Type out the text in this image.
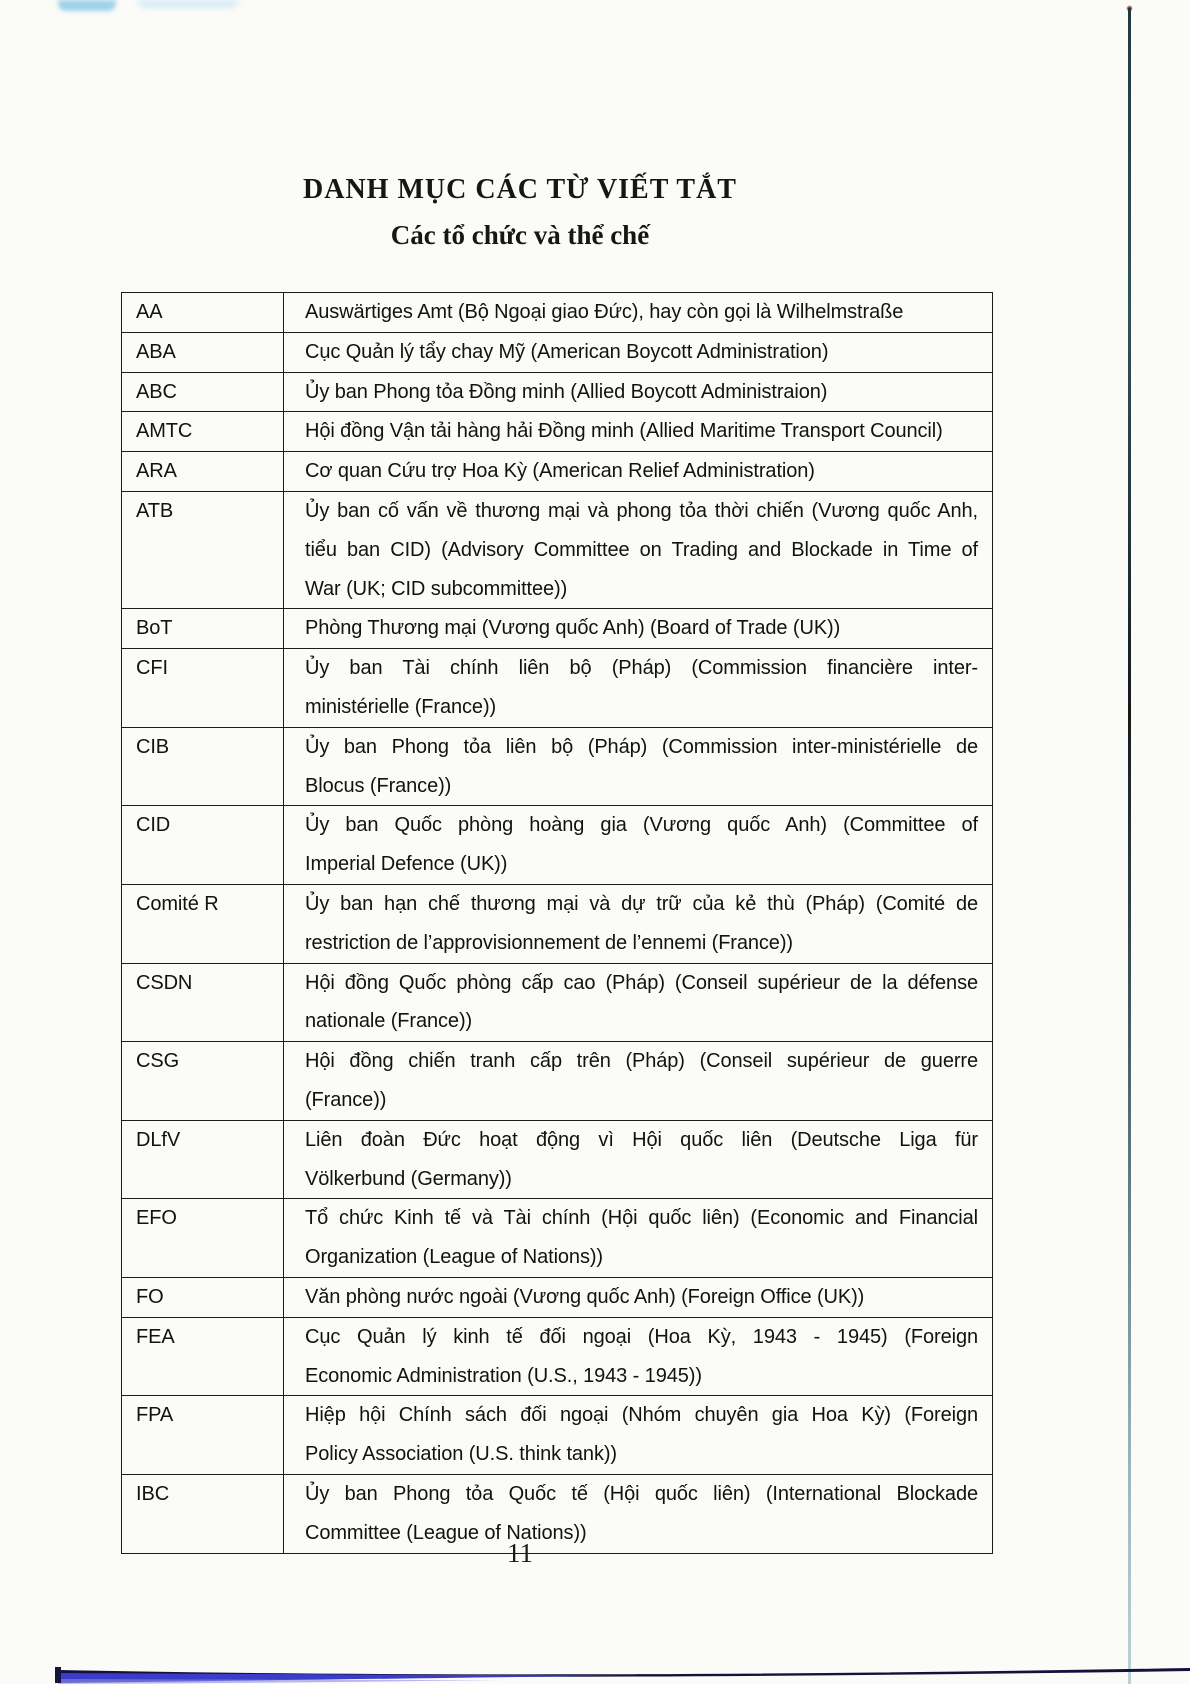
DANH MỤC CÁC TỪ VIẾT TẮT
Các tổ chức và thể chế
AA	Auswärtiges Amt (Bộ Ngoại giao Đức), hay còn gọi là Wilhelmstraße

ABA	Cục Quản lý tẩy chay Mỹ (American Boycott Administration)

ABC	Ủy ban Phong tỏa Đồng minh (Allied Boycott Administraion)

AMTC	Hội đồng Vận tải hàng hải Đồng minh (Allied Maritime Transport Council)

ARA	Cơ quan Cứu trợ Hoa Kỳ (American Relief Administration)

ATB	Ủy ban cố vấn về thương mại và phong tỏa thời chiến (Vương quốc Anh,
tiểu ban CID) (Advisory Committee on Trading and Blockade in Time of
War (UK; CID subcommittee))

BoT	Phòng Thương mại (Vương quốc Anh) (Board of Trade (UK))

CFI	Ủy ban Tài chính liên bộ (Pháp) (Commission financière inter-
ministérielle (France))

CIB	Ủy ban Phong tỏa liên bộ (Pháp) (Commission inter-ministérielle de
Blocus (France))

CID	Ủy ban Quốc phòng hoàng gia (Vương quốc Anh) (Committee of
Imperial Defence (UK))

Comité R	Ủy ban hạn chế thương mại và dự trữ của kẻ thù (Pháp) (Comité de
restriction de l’approvisionnement de l’ennemi (France))

CSDN	Hội đồng Quốc phòng cấp cao (Pháp) (Conseil supérieur de la défense
nationale (France))

CSG	Hội đồng chiến tranh cấp trên (Pháp) (Conseil supérieur de guerre
(France))

DLfV	Liên đoàn Đức hoạt động vì Hội quốc liên (Deutsche Liga für
Völkerbund (Germany))

EFO	Tổ chức Kinh tế và Tài chính (Hội quốc liên) (Economic and Financial
Organization (League of Nations))

FO	Văn phòng nước ngoài (Vương quốc Anh) (Foreign Office (UK))

FEA	Cục Quản lý kinh tế đối ngoại (Hoa Kỳ, 1943 - 1945) (Foreign
Economic Administration (U.S., 1943 - 1945))

FPA	Hiệp hội Chính sách đối ngoại (Nhóm chuyên gia Hoa Kỳ) (Foreign
Policy Association (U.S. think tank))

IBC	Ủy ban Phong tỏa Quốc tế (Hội quốc liên) (International Blockade
Committee (League of Nations))
11
